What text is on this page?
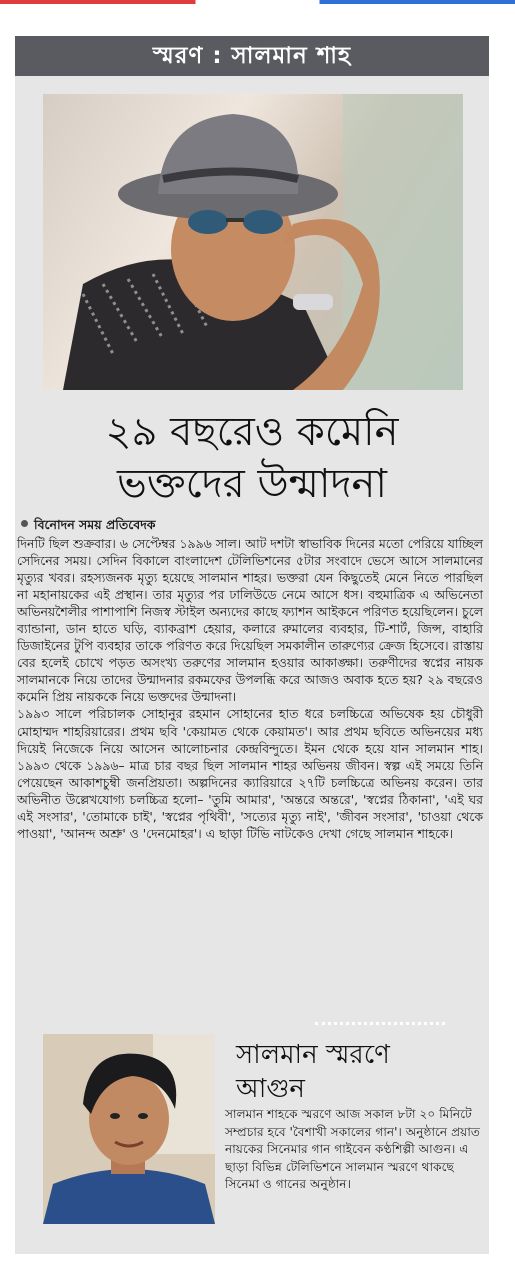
স্মরণ : সালমান শাহ
২৯ বছরেও কমেনি
ভক্তদের উন্মাদনা
বিনোদন সময় প্রতিবেদক

দিনটি ছিল শুক্রবার। ৬ সেপ্টেম্বর ১৯৯৬ সাল। আট দশটা স্বাভাবিক দিনের মতো পেরিয়ে যাচ্ছিল সেদিনের সময়। সেদিন বিকালে বাংলাদেশ টেলিভিশনের ৫টার সংবাদে ভেসে আসে সালমানের মৃত্যুর খবর। রহস্যজনক মৃত্যু হয়েছে সালমান শাহর। ভক্তরা যেন কিছুতেই মেনে নিতে পারছিল না মহানায়কের এই প্রস্থান। তার মৃত্যুর পর ঢালিউডে নেমে আসে ধস। বহুমাত্রিক এ অভিনেতা অভিনয়শৈলীর পাশাপাশি নিজস্ব স্টাইল অন্যদের কাছে ফ্যাশন আইকনে পরিণত হয়েছিলেন। চুলে ব্যান্ডানা, ডান হাতে ঘড়ি, ব্যাকব্রাশ হেয়ার, কলারে রুমালের ব্যবহার, টি-শার্ট, জিন্স, বাহারি ডিজাইনের টুপি ব্যবহার তাকে পরিণত করে দিয়েছিল সমকালীন তারুণ্যের ক্রেজ হিসেবে। রাস্তায় বের হলেই চোখে পড়ত অসংখ্য তরুণের সালমান হওয়ার আকাঙ্ক্ষা। তরুণীদের স্বপ্নের নায়ক সালমানকে নিয়ে তাদের উন্মাদনার রকমফের উপলব্ধি করে আজও অবাক হতে হয়? ২৯ বছরেও কমেনি প্রিয় নায়ককে নিয়ে ভক্তদের উন্মাদনা।

১৯৯৩ সালে পরিচালক সোহানুর রহমান সোহানের হাত ধরে চলচ্চিত্রে অভিষেক হয় চৌধুরী মোহাম্মদ শাহরিয়ারের। প্রথম ছবি 'কেয়ামত থেকে কেয়ামত'। আর প্রথম ছবিতে অভিনয়ের মধ্য দিয়েই নিজেকে নিয়ে আসেন আলোচনার কেন্দ্রবিন্দুতে। ইমন থেকে হয়ে যান সালমান শাহ। ১৯৯৩ থেকে ১৯৯৬– মাত্র চার বছর ছিল সালমান শাহর অভিনয় জীবন। স্বল্প এই সময়ে তিনি পেয়েছেন আকাশচুম্বী জনপ্রিয়তা। অল্পদিনের ক্যারিয়ারে ২৭টি চলচ্চিত্রে অভিনয় করেন। তার অভিনীত উল্লেখযোগ্য চলচ্চিত্র হলো– 'তুমি আমার', 'অন্তরে অন্তরে', 'স্বপ্নের ঠিকানা', 'এই ঘর এই সংসার', 'তোমাকে চাই', 'স্বপ্নের পৃথিবী', 'সত্যের মৃত্যু নাই', 'জীবন সংসার', 'চাওয়া থেকে পাওয়া', 'আনন্দ অশ্রু' ও 'দেনমোহর'। এ ছাড়া টিভি নাটকেও দেখা গেছে সালমান শাহকে।

সালমান স্মরণে
আগুন
সালমান শাহকে স্মরণে আজ সকাল ৮টা ২০ মিনিটে সম্প্রচার হবে 'বৈশাখী সকালের গান'। অনুষ্ঠানে প্রয়াত নায়কের সিনেমার গান গাইবেন কণ্ঠশিল্পী আগুন। এ ছাড়া বিভিন্ন টেলিভিশনে সালমান স্মরণে থাকছে সিনেমা ও গানের অনুষ্ঠান।
